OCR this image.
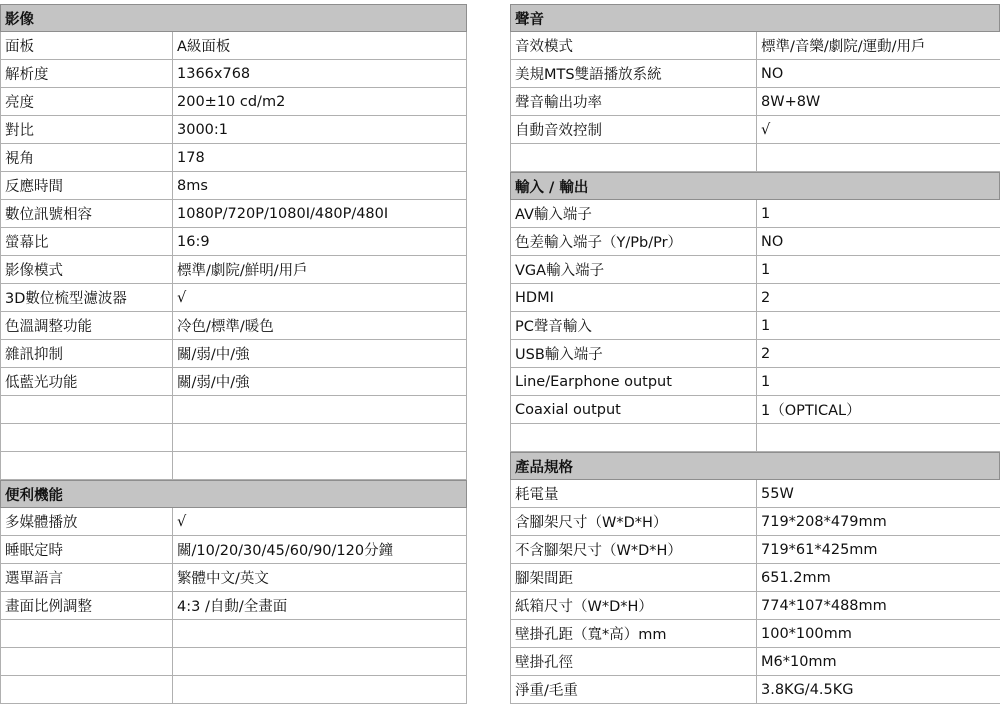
影像
面板	A級面板
解析度	1366x768
亮度	200±10 cd/m2
對比	3000:1
視角	178
反應時間	8ms
數位訊號相容	1080P/720P/1080I/480P/480I
螢幕比	16:9
影像模式	標準/劇院/鮮明/用戶
3D數位梳型濾波器	√
色溫調整功能	冷色/標準/暖色
雜訊抑制	關/弱/中/強
低藍光功能	關/弱/中/強
便利機能
多媒體播放	√
睡眠定時	關/10/20/30/45/60/90/120分鐘
選單語言	繁體中文/英文
畫面比例調整	4:3 /自動/全畫面
聲音
音效模式	標準/音樂/劇院/運動/用戶
美規MTS雙語播放系統	NO
聲音輸出功率	8W+8W
自動音效控制	√
輸入 / 輸出
AV輸入端子	1
色差輸入端子（Y/Pb/Pr）	NO
VGA輸入端子	1
HDMI	2
PC聲音輸入	1
USB輸入端子	2
Line/Earphone output	1
Coaxial output	1（OPTICAL）
產品規格
耗電量	55W
含腳架尺寸（W*D*H）	719*208*479mm
不含腳架尺寸（W*D*H）	719*61*425mm
腳架間距	651.2mm
紙箱尺寸（W*D*H）	774*107*488mm
壁掛孔距（寬*高）mm	100*100mm
壁掛孔徑	M6*10mm
淨重/毛重	3.8KG/4.5KG
